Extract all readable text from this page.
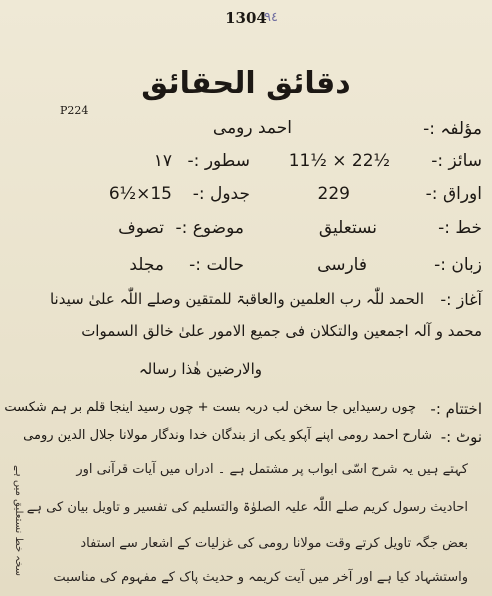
1304
٩٤
P224
دقائق الحقائق
مؤلفہ :-
احمد رومی
سائز :-
11½ × 22½
سطور :-
١٧
اوراق :-
229
جدول :-
6½×15
خط :-
نستعلیق
موضوع :-
تصوف
زبان :-
فارسی
حالت :-
مجلد
آغاز :-
الحمد للّٰہ رب العلمین والعاقبۃ للمتقین وصلے اللّٰہ علیٰ سیدنا
محمد و آلہ اجمعین والتکلان فی جمیع الامور علیٰ خالق السموات
والارضین ھٰذا رسالہ
اختتام :-
چوں رسیدایں جا سخن لب دربہ بست + چوں رسید اینجا قلم بر ہم شکست
نوٹ :-
شارح احمد رومی اپنے آپکو یکی از بندگان خدا وندگار مولانا جلال الدین رومی
کہتے ہیں یہ شرح اسّی ابواب پر مشتمل ہے ۔ ادراں میں آیات قرآنی اور
احادیث رسول کریم صلے اللّٰہ علیہ الصلوٰۃ والتسلیم کی تفسیر و تاویل بیان کی ہے
بعض جگہ تاویل کرتے وقت مولانا رومی کی غزلیات کے اشعار سے استفاد
واستشہاد کیا ہے اور آخر میں آیت کریمہ و حدیث پاک کے مفہوم کی مناسبت
سخہ خط نستعلیق میں ہے
